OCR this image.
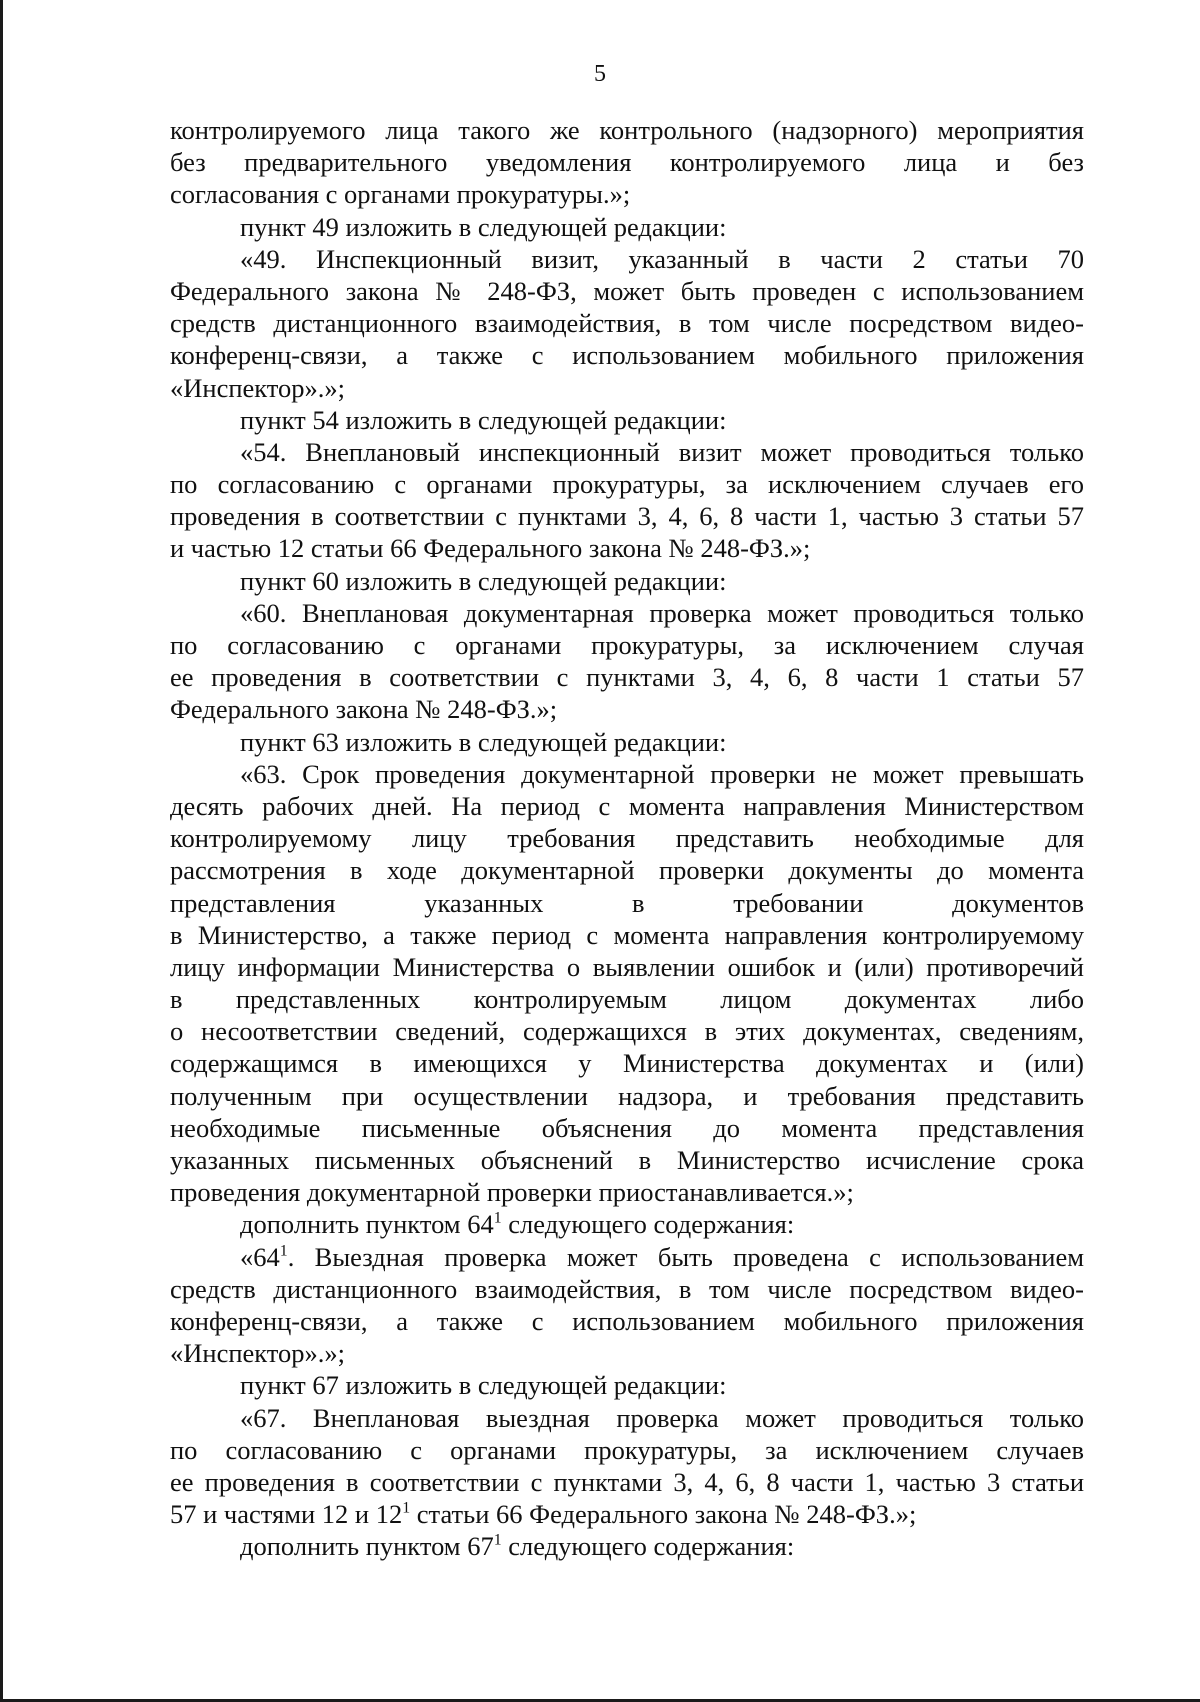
5
контролируемого лица такого же контрольного (надзорного) мероприятия
без предварительного уведомления контролируемого лица и без
согласования с органами прокуратуры.»;
пункт 49 изложить в следующей редакции:
«49. Инспекционный визит, указанный в части 2 статьи 70
Федерального закона № 248-ФЗ, может быть проведен с использованием
средств дистанционного взаимодействия, в том числе посредством видео-
конференц-связи, а также с использованием мобильного приложения
«Инспектор».»;
пункт 54 изложить в следующей редакции:
«54. Внеплановый инспекционный визит может проводиться только
по согласованию с органами прокуратуры, за исключением случаев его
проведения в соответствии с пунктами 3, 4, 6, 8 части 1, частью 3 статьи 57
и частью 12 статьи 66 Федерального закона № 248-ФЗ.»;
пункт 60 изложить в следующей редакции:
«60. Внеплановая документарная проверка может проводиться только
по согласованию с органами прокуратуры, за исключением случая
ее проведения в соответствии с пунктами 3, 4, 6, 8 части 1 статьи 57
Федерального закона № 248-ФЗ.»;
пункт 63 изложить в следующей редакции:
«63. Срок проведения документарной проверки не может превышать
десять рабочих дней. На период с момента направления Министерством
контролируемому лицу требования представить необходимые для
рассмотрения в ходе документарной проверки документы до момента
представления указанных в требовании документов
в Министерство, а также период с момента направления контролируемому
лицу информации Министерства о выявлении ошибок и (или) противоречий
в представленных контролируемым лицом документах либо
о несоответствии сведений, содержащихся в этих документах, сведениям,
содержащимся в имеющихся у Министерства документах и (или)
полученным при осуществлении надзора, и требования представить
необходимые письменные объяснения до момента представления
указанных письменных объяснений в Министерство исчисление срока
проведения документарной проверки приостанавливается.»;
дополнить пунктом $64^1$ следующего содержания:
«$64^1$. Выездная проверка может быть проведена с использованием
средств дистанционного взаимодействия, в том числе посредством видео-
конференц-связи, а также с использованием мобильного приложения
«Инспектор».»;
пункт 67 изложить в следующей редакции:
«67. Внеплановая выездная проверка может проводиться только
по согласованию с органами прокуратуры, за исключением случаев
ее проведения в соответствии с пунктами 3, 4, 6, 8 части 1, частью 3 статьи
57 и частями 12 и $12^1$ статьи 66 Федерального закона № 248-ФЗ.»;
дополнить пунктом $67^1$ следующего содержания:
